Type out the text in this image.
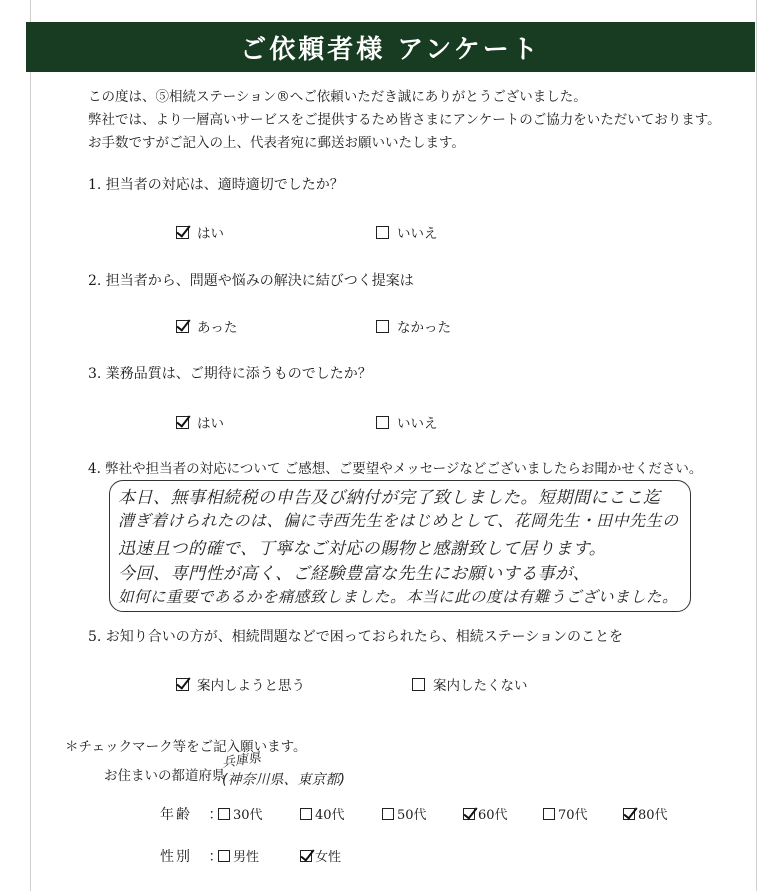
ご依頼者様 アンケート
この度は、⑤相続ステーション®へご依頼いただき誠にありがとうございました。
弊社では、より一層高いサービスをご提供するため皆さまにアンケートのご協力をいただいております。
お手数ですがご記入の上、代表者宛に郵送お願いいたします。
1. 担当者の対応は、適時適切でしたか？
はい	いいえ
2. 担当者から、問題や悩みの解決に結びつく提案は
あった	なかった
3. 業務品質は、ご期待に添うものでしたか？
はい	いいえ
4. 弊社や担当者の対応について ご感想、ご要望やメッセージなどございましたらお聞かせください。
本日、無事相続税の申告及び納付が完了致しました。短期間にここ迄
漕ぎ着けられたのは、偏に寺西先生をはじめとして、花岡先生・田中先生の
迅速且つ的確で、丁寧なご対応の賜物と感謝致して居ります。
今回、専門性が高く、ご経験豊富な先生にお願いする事が、
如何に重要であるかを痛感致しました。本当に此の度は有難うございました。
5. お知り合いの方が、相続問題などで困っておられたら、相続ステーションのことを
案内しようと思う	案内したくない
＊チェックマーク等をご記入願います。
お住まいの都道府県
兵庫県
(神奈川県、東京都)
年齢 ： 30代	40代	50代	60代	70代	80代
性別 ： 男性	女性
